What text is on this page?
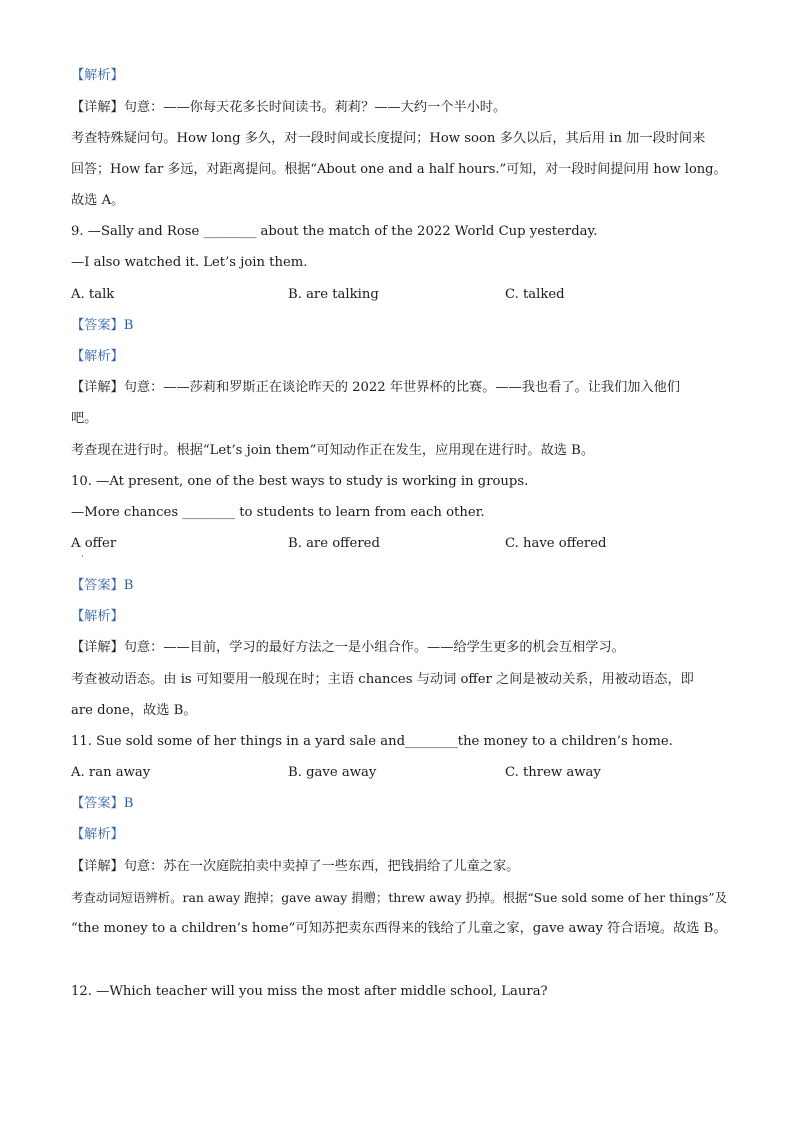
【解析】
【详解】句意：——你每天花多长时间读书。莉莉？——大约一个半小时。
考查特殊疑问句。How long 多久，对一段时间或长度提问；How soon 多久以后，其后用 in 加一段时间来
回答；How far 多远，对距离提问。根据“About one and a half hours.”可知，对一段时间提问用 how long。
故选 A。
9. —Sally and Rose ________ about the match of the 2022 World Cup yesterday.
—I also watched it. Let’s join them.
A. talk	B. are talking	C. talked
【答案】B
【解析】
【详解】句意：——莎莉和罗斯正在谈论昨天的 2022 年世界杯的比赛。——我也看了。让我们加入他们
吧。
考查现在进行时。根据“Let’s join them”可知动作正在发生，应用现在进行时。故选 B。
10. —At present, one of the best ways to study is working in groups.
—More chances ________ to students to learn from each other.
A offer
·
B. are offered	C. have offered
【答案】B
【解析】
【详解】句意：——目前，学习的最好方法之一是小组合作。——给学生更多的机会互相学习。
考查被动语态。由 is 可知要用一般现在时；主语 chances 与动词 offer 之间是被动关系，用被动语态，即
are done，故选 B。
11. Sue sold some of her things in a yard sale and________the money to a children’s home.
A. ran away	B. gave away	C. threw away
【答案】B
【解析】
【详解】句意：苏在一次庭院拍卖中卖掉了一些东西，把钱捐给了儿童之家。
考查动词短语辨析。ran away 跑掉；gave away 捐赠；threw away 扔掉。根据“Sue sold some of her things”及
“the money to a children’s home”可知苏把卖东西得来的钱给了儿童之家，gave away 符合语境。故选 B。
12. —Which teacher will you miss the most after middle school, Laura?
